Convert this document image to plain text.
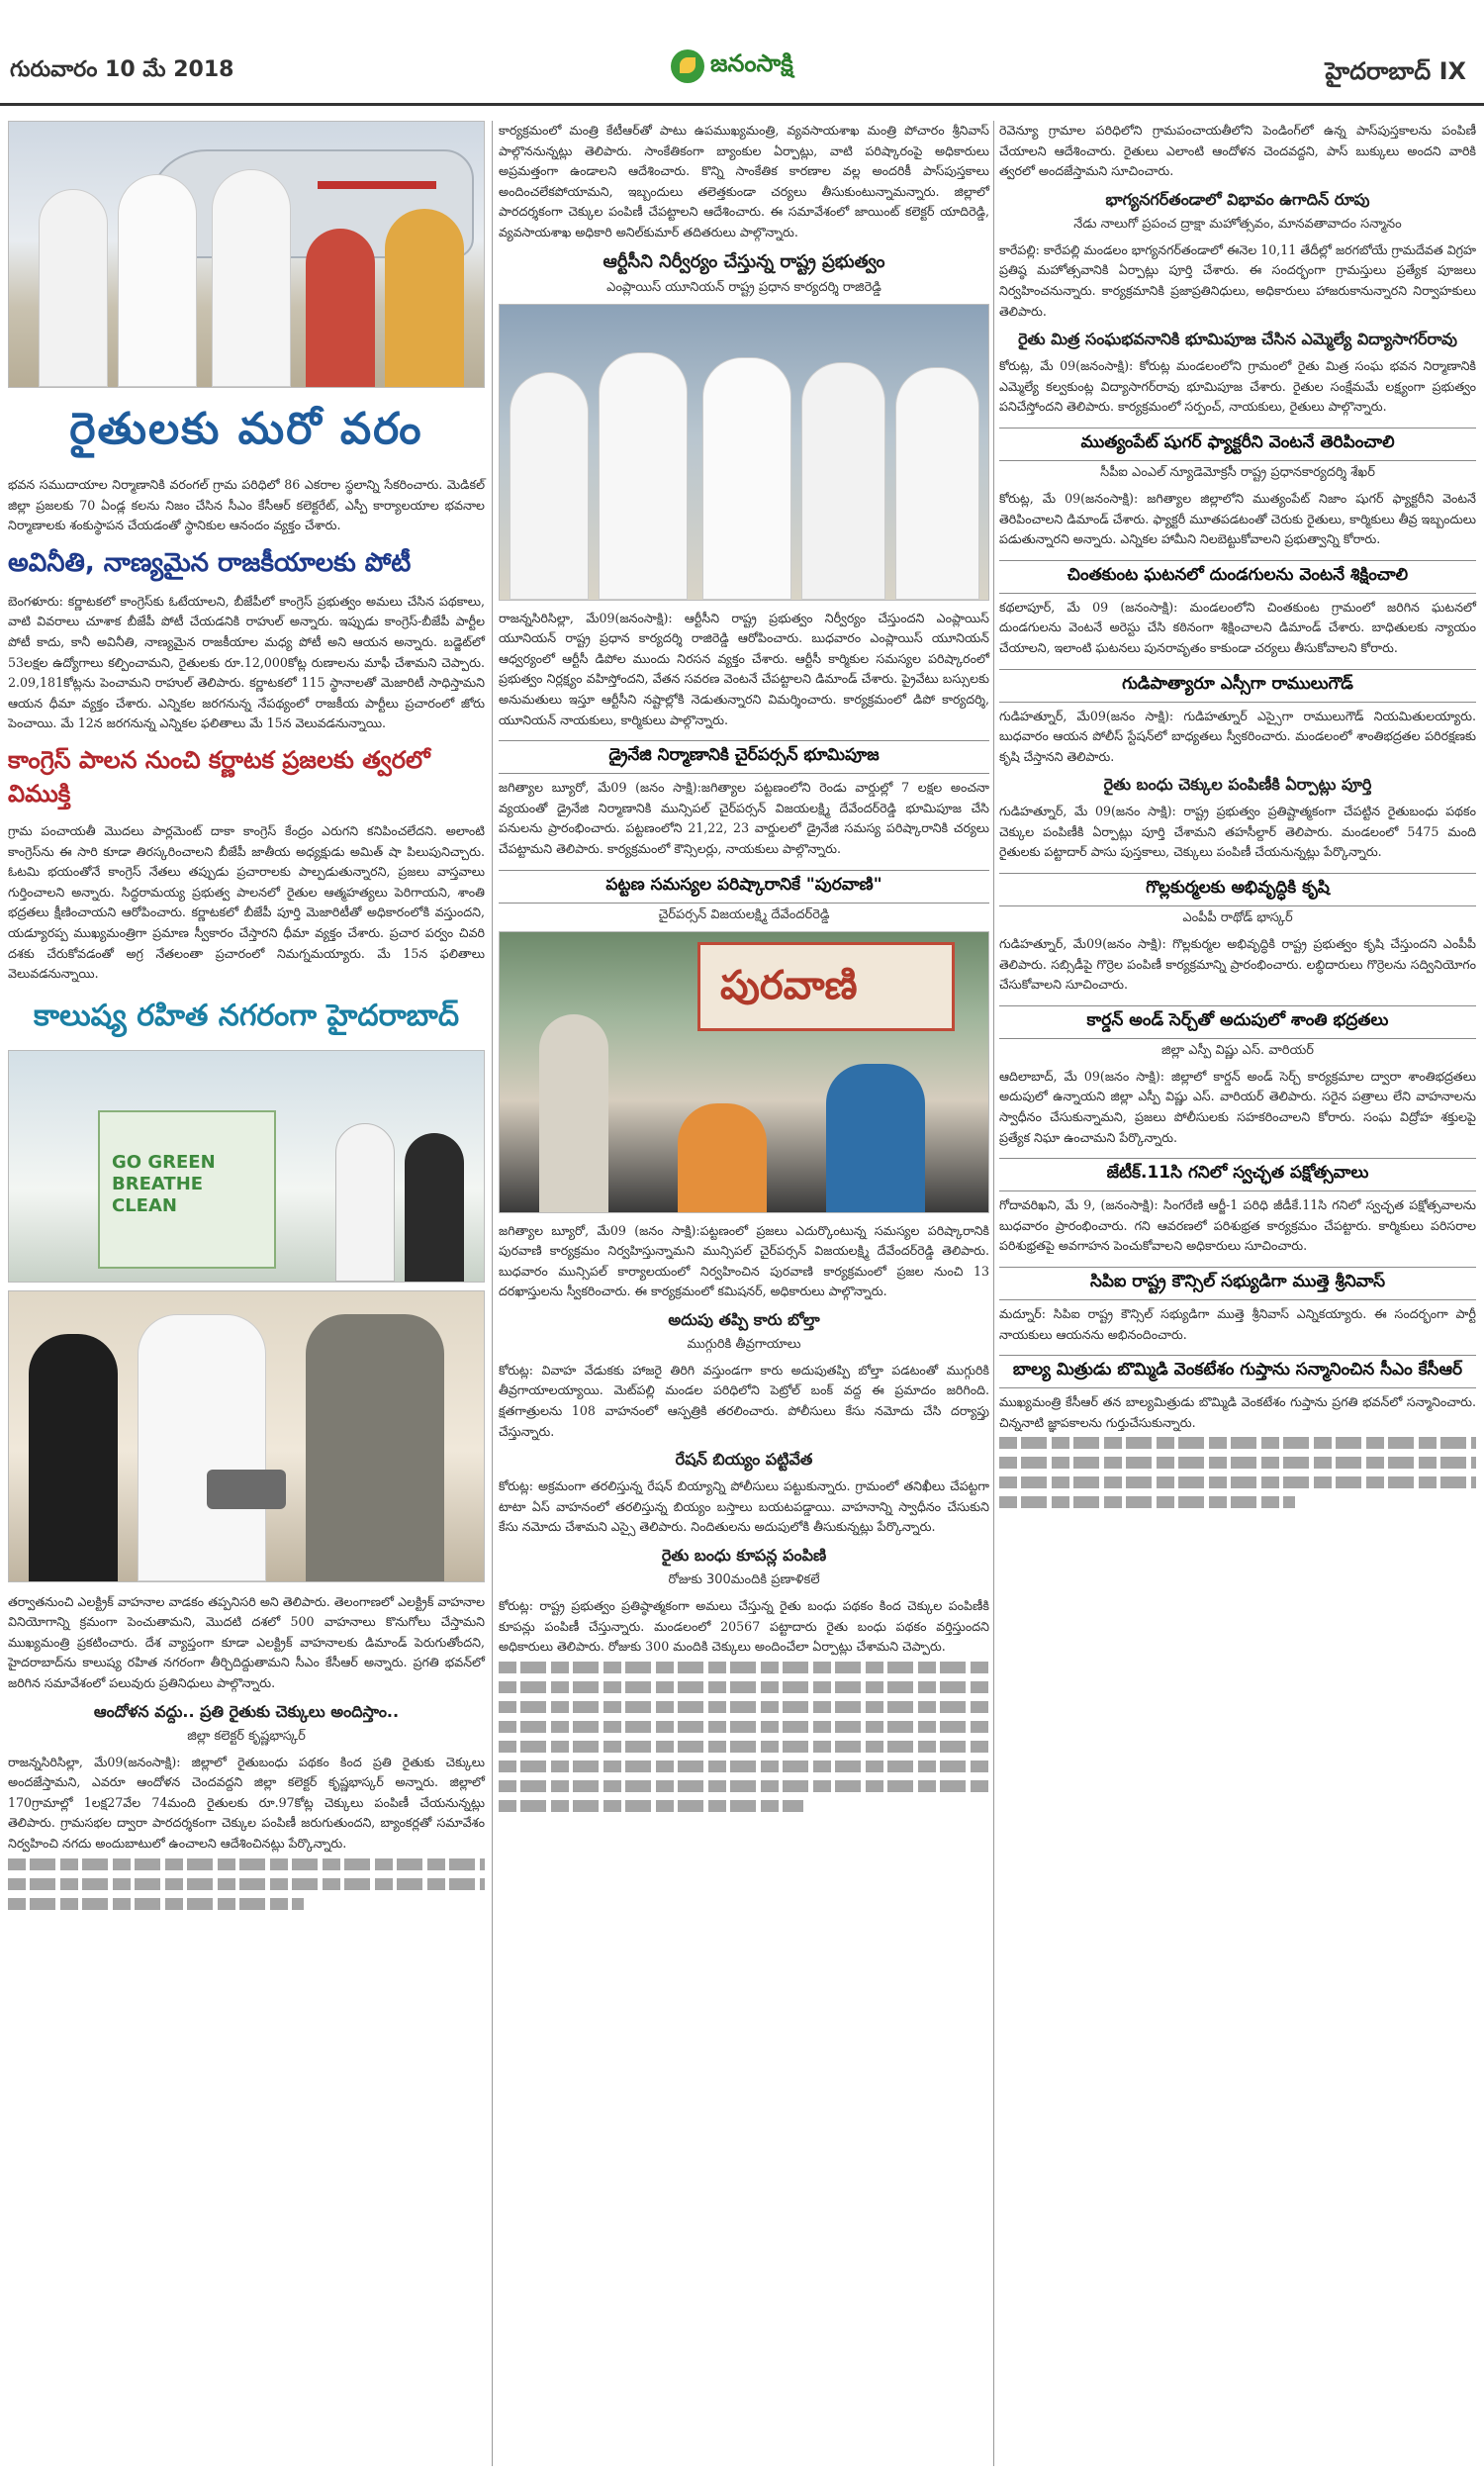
గురువారం 10 మే 2018	జనంసాక్షి	హైదరాబాద్ IX
రైతులకు మరో వరం

భవన సముదాయాల నిర్మాణానికి వరంగల్ గ్రామ పరిధిలో 86 ఎకరాల స్థలాన్ని సేకరించారు. మెడికల్ జిల్లా ప్రజలకు 70 ఏండ్ల కలను నిజం చేసిన సీఎం కేసీఆర్ కలెక్టరేట్, ఎస్పీ కార్యాలయాల భవనాల నిర్మాణాలకు శంకుస్థాపన చేయడంతో స్థానికుల ఆనందం వ్యక్తం చేశారు.

అవినీతి, నాణ్యమైన రాజకీయాలకు పోటీ

బెంగళూరు: కర్ణాటకలో కాంగ్రెస్‌కు ఓటేయాలని, బీజేపీలో కాంగ్రెస్ ప్రభుత్వం అమలు చేసిన పథకాలు, వాటి వివరాలు చూశాక బీజేపీ పోటీ చేయడనికి రాహుల్ అన్నారు. ఇప్పుడు కాంగ్రెస్-బీజేపీ పార్టీల పోటీ కాదు, కానీ అవినీతి, నాణ్యమైన రాజకీయాల మధ్య పోటీ అని ఆయన అన్నారు. బడ్జెట్‌లో 53లక్షల ఉద్యోగాలు కల్పించామని, రైతులకు రూ.12,000కోట్ల రుణాలను మాఫీ చేశామని చెప్పారు. 2.09,181కోట్లను పెంచామని రాహుల్ తెలిపారు. కర్ణాటకలో 115 స్థానాలతో మెజారిటీ సాధిస్తామని ఆయన ధీమా వ్యక్తం చేశారు. ఎన్నికల జరగనున్న నేపథ్యంలో రాజకీయ పార్టీలు ప్రచారంలో జోరు పెంచాయి. మే 12న జరగనున్న ఎన్నికల ఫలితాలు మే 15న వెలువడనున్నాయి.

కాంగ్రెస్ పాలన నుంచి కర్ణాటక ప్రజలకు త్వరలో విముక్తి

గ్రామ పంచాయతీ మొదలు పార్లమెంట్ దాకా కాంగ్రెస్ కేంద్రం ఎరుగని కనిపించలేదని. అలాంటి కాంగ్రెస్‌ను ఈ సారి కూడా తిరస్కరించాలని బీజేపీ జాతీయ అధ్యక్షుడు అమిత్ షా పిలుపునిచ్చారు. ఓటమి భయంతోనే కాంగ్రెస్ నేతలు తప్పుడు ప్రచారాలకు పాల్పడుతున్నారని, ప్రజలు వాస్తవాలు గుర్తించాలని అన్నారు. సిద్ధరామయ్య ప్రభుత్వ పాలనలో రైతుల ఆత్మహత్యలు పెరిగాయని, శాంతి భద్రతలు క్షీణించాయని ఆరోపించారు. కర్ణాటకలో బీజేపీ పూర్తి మెజారిటీతో అధికారంలోకి వస్తుందని, యడ్యూరప్ప ముఖ్యమంత్రిగా ప్రమాణ స్వీకారం చేస్తారని ధీమా వ్యక్తం చేశారు. ప్రచార పర్వం చివరి దశకు చేరుకోవడంతో అగ్ర నేతలంతా ప్రచారంలో నిమగ్నమయ్యారు. మే 15న ఫలితాలు వెలువడనున్నాయి.

కాలుష్య రహిత నగరంగా హైదరాబాద్
GO GREEN BREATHE CLEAN

తర్వాతనుంచి ఎలక్ట్రిక్ వాహనాల వాడకం తప్పనిసరి అని తెలిపారు. తెలంగాణలో ఎలక్ట్రిక్ వాహనాల వినియోగాన్ని క్రమంగా పెంచుతామని, మొదటి దశలో 500 వాహనాలు కొనుగోలు చేస్తామని ముఖ్యమంత్రి ప్రకటించారు. దేశ వ్యాప్తంగా కూడా ఎలక్ట్రిక్ వాహనాలకు డిమాండ్ పెరుగుతోందని, హైదరాబాద్‌ను కాలుష్య రహిత నగరంగా తీర్చిదిద్దుతామని సీఎం కేసీఆర్ అన్నారు. ప్రగతి భవన్‌లో జరిగిన సమావేశంలో పలువురు ప్రతినిధులు పాల్గొన్నారు.

ఆందోళన వద్దు.. ప్రతి రైతుకు చెక్కులు అందిస్తాం..
జిల్లా కలెక్టర్ కృష్ణభాస్కర్

రాజన్నసిరిసిల్లా, మే09(జనంసాక్షి): జిల్లాలో రైతుబంధు పథకం కింద ప్రతి రైతుకు చెక్కులు అందజేస్తామని, ఎవరూ ఆందోళన చెందవద్దని జిల్లా కలెక్టర్ కృష్ణభాస్కర్ అన్నారు. జిల్లాలో 170గ్రామాల్లో 1లక్ష27వేల 74మంది రైతులకు రూ.97కోట్ల చెక్కులు పంపిణీ చేయనున్నట్లు తెలిపారు. గ్రామసభల ద్వారా పారదర్శకంగా చెక్కుల పంపిణీ జరుగుతుందని, బ్యాంకర్లతో సమావేశం నిర్వహించి నగదు అందుబాటులో ఉంచాలని ఆదేశించినట్లు పేర్కొన్నారు.

కార్యక్రమంలో మంత్రి కేటీఆర్‌తో పాటు ఉపముఖ్యమంత్రి, వ్యవసాయశాఖ మంత్రి పోచారం శ్రీనివాస్ పాల్గొననున్నట్లు తెలిపారు. సాంకేతికంగా బ్యాంకుల ఏర్పాట్లు, వాటి పరిష్కారంపై అధికారులు అప్రమత్తంగా ఉండాలని ఆదేశించారు. కొన్ని సాంకేతిక కారణాల వల్ల అందరికీ పాస్‌పుస్తకాలు అందించలేకపోయామని, ఇబ్బందులు తలెత్తకుండా చర్యలు తీసుకుంటున్నామన్నారు. జిల్లాలో పారదర్శకంగా చెక్కుల పంపిణీ చేపట్టాలని ఆదేశించారు. ఈ సమావేశంలో జాయింట్ కలెక్టర్ యాదిరెడ్డి, వ్యవసాయశాఖ అధికారి అనిల్‌కుమార్ తదితరులు పాల్గొన్నారు.

ఆర్టీసీని నిర్వీర్యం చేస్తున్న రాష్ట్ర ప్రభుత్వం
ఎంప్లాయిస్ యూనియన్ రాష్ట్ర ప్రధాన కార్యదర్శి రాజిరెడ్డి

రాజన్నసిరిసిల్లా, మే09(జనంసాక్షి): ఆర్టీసీని రాష్ట్ర ప్రభుత్వం నిర్వీర్యం చేస్తుందని ఎంప్లాయిస్ యూనియన్ రాష్ట్ర ప్రధాన కార్యదర్శి రాజిరెడ్డి ఆరోపించారు. బుధవారం ఎంప్లాయిస్ యూనియన్ ఆధ్వర్యంలో ఆర్టీసీ డిపోల ముందు నిరసన వ్యక్తం చేశారు. ఆర్టీసీ కార్మికుల సమస్యల పరిష్కారంలో ప్రభుత్వం నిర్లక్ష్యం వహిస్తోందని, వేతన సవరణ వెంటనే చేపట్టాలని డిమాండ్ చేశారు. ప్రైవేటు బస్సులకు అనుమతులు ఇస్తూ ఆర్టీసీని నష్టాల్లోకి నెడుతున్నారని విమర్శించారు. కార్యక్రమంలో డిపో కార్యదర్శి, యూనియన్ నాయకులు, కార్మికులు పాల్గొన్నారు.

డ్రైనేజి నిర్మాణానికి చైర్‌పర్సన్ భూమిపూజ

జగిత్యాల బ్యూరో, మే09 (జనం సాక్షి):జగిత్యాల పట్టణంలోని రెండు వార్డుల్లో 7 లక్షల అంచనా వ్యయంతో డ్రైనేజి నిర్మాణానికి మున్సిపల్ చైర్‌పర్సన్ విజయలక్ష్మి దేవేందర్‌రెడ్డి భూమిపూజ చేసి పనులను ప్రారంభించారు. పట్టణంలోని 21,22, 23 వార్డులలో డ్రైనేజి సమస్య పరిష్కారానికి చర్యలు చేపట్టామని తెలిపారు. కార్యక్రమంలో కౌన్సిలర్లు, నాయకులు పాల్గొన్నారు.

పట్టణ సమస్యల పరిష్కారానికే "పురవాణి"
చైర్‌పర్సన్ విజయలక్ష్మి దేవేందర్‌రెడ్డి
పురవాణి

జగిత్యాల బ్యూరో, మే09 (జనం సాక్షి):పట్టణంలో ప్రజలు ఎదుర్కొంటున్న సమస్యల పరిష్కారానికి పురవాణి కార్యక్రమం నిర్వహిస్తున్నామని మున్సిపల్ చైర్‌పర్సన్ విజయలక్ష్మి దేవేందర్‌రెడ్డి తెలిపారు. బుధవారం మున్సిపల్ కార్యాలయంలో నిర్వహించిన పురవాణి కార్యక్రమంలో ప్రజల నుంచి 13 దరఖాస్తులను స్వీకరించారు. ఈ కార్యక్రమంలో కమిషనర్, అధికారులు పాల్గొన్నారు.

అదుపు తప్పి కారు బోల్తా
ముగ్గురికి తీవ్రగాయాలు

కోరుట్ల: వివాహ వేడుకకు హాజరై తిరిగి వస్తుండగా కారు అదుపుతప్పి బోల్తా పడటంతో ముగ్గురికి తీవ్రగాయాలయ్యాయి. మెట్‌పల్లి మండల పరిధిలోని పెట్రోల్ బంక్ వద్ద ఈ ప్రమాదం జరిగింది. క్షతగాత్రులను 108 వాహనంలో ఆస్పత్రికి తరలించారు. పోలీసులు కేసు నమోదు చేసి దర్యాప్తు చేస్తున్నారు.

రేషన్ బియ్యం పట్టివేత

కోరుట్ల: అక్రమంగా తరలిస్తున్న రేషన్ బియ్యాన్ని పోలీసులు పట్టుకున్నారు. గ్రామంలో తనిఖీలు చేపట్టగా టాటా ఏస్ వాహనంలో తరలిస్తున్న బియ్యం బస్తాలు బయటపడ్డాయి. వాహనాన్ని స్వాధీనం చేసుకుని కేసు నమోదు చేశామని ఎస్సై తెలిపారు. నిందితులను అదుపులోకి తీసుకున్నట్లు పేర్కొన్నారు.

రైతు బంధు కూపన్ల పంపిణి
రోజుకు 300మందికి ప్రణాళికలే

కోరుట్ల: రాష్ట్ర ప్రభుత్వం ప్రతిష్ఠాత్మకంగా అమలు చేస్తున్న రైతు బంధు పథకం కింద చెక్కుల పంపిణీకి కూపన్లు పంపిణీ చేస్తున్నారు. మండలంలో 20567 పట్టాదారు రైతు బంధు పథకం వర్తిస్తుందని అధికారులు తెలిపారు. రోజుకు 300 మందికి చెక్కులు అందించేలా ఏర్పాట్లు చేశామని చెప్పారు.

రెవెన్యూ గ్రామాల పరిధిలోని గ్రామపంచాయతీలోని పెండింగ్‌లో ఉన్న పాస్‌పుస్తకాలను పంపిణీ చేయాలని ఆదేశించారు. రైతులు ఎలాంటి ఆందోళన చెందవద్దని, పాస్ బుక్కులు అందని వారికి త్వరలో అందజేస్తామని సూచించారు.

భాగ్యనగర్‌తండాలో విభావం ఉగాదిన్ రూపు
నేడు నాలుగో ప్రపంచ ద్రాక్షా మహోత్సవం, మానవతావాదం సన్మానం

కారేపల్లి: కారేపల్లి మండలం భాగ్యనగర్‌తండాలో ఈనెల 10,11 తేదీల్లో జరగబోయే గ్రామదేవత విగ్రహ ప్రతిష్ఠ మహోత్సవానికి ఏర్పాట్లు పూర్తి చేశారు. ఈ సందర్భంగా గ్రామస్తులు ప్రత్యేక పూజలు నిర్వహించనున్నారు. కార్యక్రమానికి ప్రజాప్రతినిధులు, అధికారులు హాజరుకానున్నారని నిర్వాహకులు తెలిపారు.

రైతు మిత్ర సంఘభవనానికి భూమిపూజ చేసిన ఎమ్మెల్యే విద్యాసాగర్‌రావు

కోరుట్ల, మే 09(జనంసాక్షి): కోరుట్ల మండలంలోని గ్రామంలో రైతు మిత్ర సంఘ భవన నిర్మాణానికి ఎమ్మెల్యే కల్వకుంట్ల విద్యాసాగర్‌రావు భూమిపూజ చేశారు. రైతుల సంక్షేమమే లక్ష్యంగా ప్రభుత్వం పనిచేస్తోందని తెలిపారు. కార్యక్రమంలో సర్పంచ్, నాయకులు, రైతులు పాల్గొన్నారు.

ముత్యంపేట్ షుగర్ ఫ్యాక్టరీని వెంటనే తెరిపించాలి
సీపీఐ ఎంఎల్ న్యూడెమోక్రసీ రాష్ట్ర ప్రధానకార్యదర్శి శేఖర్

కోరుట్ల, మే 09(జనంసాక్షి): జగిత్యాల జిల్లాలోని ముత్యంపేట్ నిజాం షుగర్ ఫ్యాక్టరీని వెంటనే తెరిపించాలని డిమాండ్ చేశారు. ఫ్యాక్టరీ మూతపడటంతో చెరుకు రైతులు, కార్మికులు తీవ్ర ఇబ్బందులు పడుతున్నారని అన్నారు. ఎన్నికల హామీని నిలబెట్టుకోవాలని ప్రభుత్వాన్ని కోరారు.

చింతకుంట ఘటనలో దుండగులను వెంటనే శిక్షించాలి

కథలాపూర్, మే 09 (జనంసాక్షి): మండలంలోని చింతకుంట గ్రామంలో జరిగిన ఘటనలో దుండగులను వెంటనే అరెస్టు చేసి కఠినంగా శిక్షించాలని డిమాండ్ చేశారు. బాధితులకు న్యాయం చేయాలని, ఇలాంటి ఘటనలు పునరావృతం కాకుండా చర్యలు తీసుకోవాలని కోరారు.

గుడిపాత్యారూ ఎస్సీగా రాములుగౌడ్

గుడిహత్నూర్, మే09(జనం సాక్షి): గుడిహత్నూర్ ఎస్సైగా రాములుగౌడ్ నియమితులయ్యారు. బుధవారం ఆయన పోలీస్ స్టేషన్‌లో బాధ్యతలు స్వీకరించారు. మండలంలో శాంతిభద్రతల పరిరక్షణకు కృషి చేస్తానని తెలిపారు.

రైతు బంధు చెక్కుల పంపిణీకి ఏర్పాట్లు పూర్తి

గుడిహత్నూర్, మే 09(జనం సాక్షి): రాష్ట్ర ప్రభుత్వం ప్రతిష్టాత్మకంగా చేపట్టిన రైతుబంధు పథకం చెక్కుల పంపిణీకి ఏర్పాట్లు పూర్తి చేశామని తహసీల్దార్ తెలిపారు. మండలంలో 5475 మంది రైతులకు పట్టాదార్ పాసు పుస్తకాలు, చెక్కులు పంపిణీ చేయనున్నట్లు పేర్కొన్నారు.

గొల్లకుర్మలకు అభివృద్ధికి కృషి
ఎంపీపీ రాథోడ్ భాస్కర్

గుడిహత్నూర్, మే09(జనం సాక్షి): గొల్లకుర్మల అభివృద్ధికి రాష్ట్ర ప్రభుత్వం కృషి చేస్తుందని ఎంపీపీ తెలిపారు. సబ్సిడీపై గొర్రెల పంపిణీ కార్యక్రమాన్ని ప్రారంభించారు. లబ్ధిదారులు గొర్రెలను సద్వినియోగం చేసుకోవాలని సూచించారు.

కార్డన్ అండ్ సెర్చ్‌తో అదుపులో శాంతి భద్రతలు
జిల్లా ఎస్పీ విష్ణు ఎస్. వారియర్

ఆదిలాబాద్, మే 09(జనం సాక్షి): జిల్లాలో కార్డన్ అండ్ సెర్చ్ కార్యక్రమాల ద్వారా శాంతిభద్రతలు అదుపులో ఉన్నాయని జిల్లా ఎస్పీ విష్ణు ఎస్. వారియర్ తెలిపారు. సరైన పత్రాలు లేని వాహనాలను స్వాధీనం చేసుకున్నామని, ప్రజలు పోలీసులకు సహకరించాలని కోరారు. సంఘ విద్రోహ శక్తులపై ప్రత్యేక నిఘా ఉంచామని పేర్కొన్నారు.

జేటీక్.11సి గనిలో స్వచ్ఛత పక్షోత్సవాలు

గోదావరిఖని, మే 9, (జనంసాక్షి): సింగరేణి ఆర్జీ-1 పరిధి జీడీకే.11సి గనిలో స్వచ్ఛత పక్షోత్సవాలను బుధవారం ప్రారంభించారు. గని ఆవరణలో పరిశుభ్రత కార్యక్రమం చేపట్టారు. కార్మికులు పరిసరాల పరిశుభ్రతపై అవగాహన పెంచుకోవాలని అధికారులు సూచించారు.

సిపిఐ రాష్ట్ర కౌన్సిల్ సభ్యుడిగా ముత్తె శ్రీనివాస్

మద్నూర్: సిపిఐ రాష్ట్ర కౌన్సిల్ సభ్యుడిగా ముత్తె శ్రీనివాస్ ఎన్నికయ్యారు. ఈ సందర్భంగా పార్టీ నాయకులు ఆయనను అభినందించారు.

బాల్య మిత్రుడు బొమ్మిడి వెంకటేశం గుప్తాను సన్మానించిన సీఎం కేసీఆర్

ముఖ్యమంత్రి కేసీఆర్ తన బాల్యమిత్రుడు బొమ్మిడి వెంకటేశం గుప్తాను ప్రగతి భవన్‌లో సన్మానించారు. చిన్ననాటి జ్ఞాపకాలను గుర్తుచేసుకున్నారు.
